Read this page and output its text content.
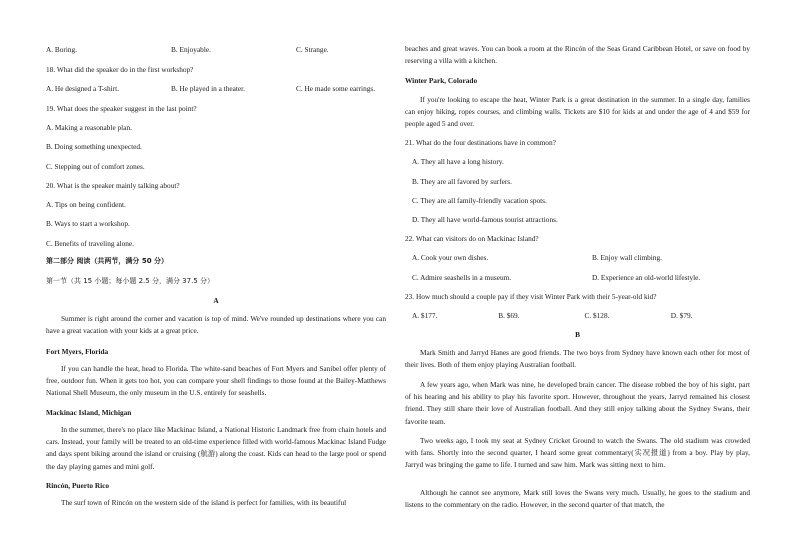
A. Boring.	B. Enjoyable.	C. Strange.
18. What did the speaker do in the first workshop?
A. He designed a T-shirt.	B. He played in a theater.	C. He made some earrings.
19. What does the speaker suggest in the last point?
A. Making a reasonable plan.
B. Doing something unexpected.
C. Stepping out of comfort zones.
20. What is the speaker mainly talking about?
A. Tips on being confident.
B. Ways to start a workshop.
C. Benefits of traveling alone.
第二部分 阅读（共两节，满分 50 分）
第一节（共 15 小题；每小题 2.5 分，满分 37.5 分）
A
Summer is right around the corner and vacation is top of mind. We've rounded up destinations where you can have a great vacation with your kids at a great price.
Fort Myers, Florida
If you can handle the heat, head to Florida. The white-sand beaches of Fort Myers and Sanibel offer plenty of free, outdoor fun. When it gets too hot, you can compare your shell findings to those found at the Bailey-Matthews National Shell Museum, the only museum in the U.S. entirely for seashells.
Mackinac Island, Michigan
In the summer, there's no place like Mackinac Island, a National Historic Landmark free from chain hotels and cars. Instead, your family will be treated to an old-time experience filled with world-famous Mackinac Island Fudge and days spent biking around the island or cruising (航游) along the coast. Kids can head to the large pool or spend the day playing games and mini golf.
Rincón, Puerto Rico
The surf town of Rincón on the western side of the island is perfect for families, with its beautiful
beaches and great waves. You can book a room at the Rincón of the Seas Grand Caribbean Hotel, or save on food by reserving a villa with a kitchen.
Winter Park, Colorado
If you're looking to escape the heat, Winter Park is a great destination in the summer. In a single day, families can enjoy hiking, ropes courses, and climbing walls. Tickets are $10 for kids at and under the age of 4 and $59 for people aged 5 and over.
21. What do the four destinations have in common?
A. They all have a long history.
B. They are all favored by surfers.
C. They are all family-friendly vacation spots.
D. They all have world-famous tourist attractions.
22. What can visitors do on Mackinac Island?
A. Cook your own dishes.	B. Enjoy wall climbing.
C. Admire seashells in a museum.	D. Experience an old-world lifestyle.
23. How much should a couple pay if they visit Winter Park with their 5-year-old kid?
A. $177.	B. $69.	C. $128.	D. $79.
B
Mark Smith and Jarryd Hanes are good friends. The two boys from Sydney have known each other for most of their lives. Both of them enjoy playing Australian football.
A few years ago, when Mark was nine, he developed brain cancer. The disease robbed the boy of his sight, part of his hearing and his ability to play his favorite sport. However, throughout the years, Jarryd remained his closest friend. They still share their love of Australian football. And they still enjoy talking about the Sydney Swans, their favorite team.
Two weeks ago, I took my seat at Sydney Cricket Ground to watch the Swans. The old stadium was crowded with fans. Shortly into the second quarter, I heard some great commentary(实况报道) from a boy. Play by play, Jarryd was bringing the game to life. I turned and saw him. Mark was sitting next to him.
Although he cannot see anymore, Mark still loves the Swans very much. Usually, he goes to the stadium and listens to the commentary on the radio. However, in the second quarter of that match, the
